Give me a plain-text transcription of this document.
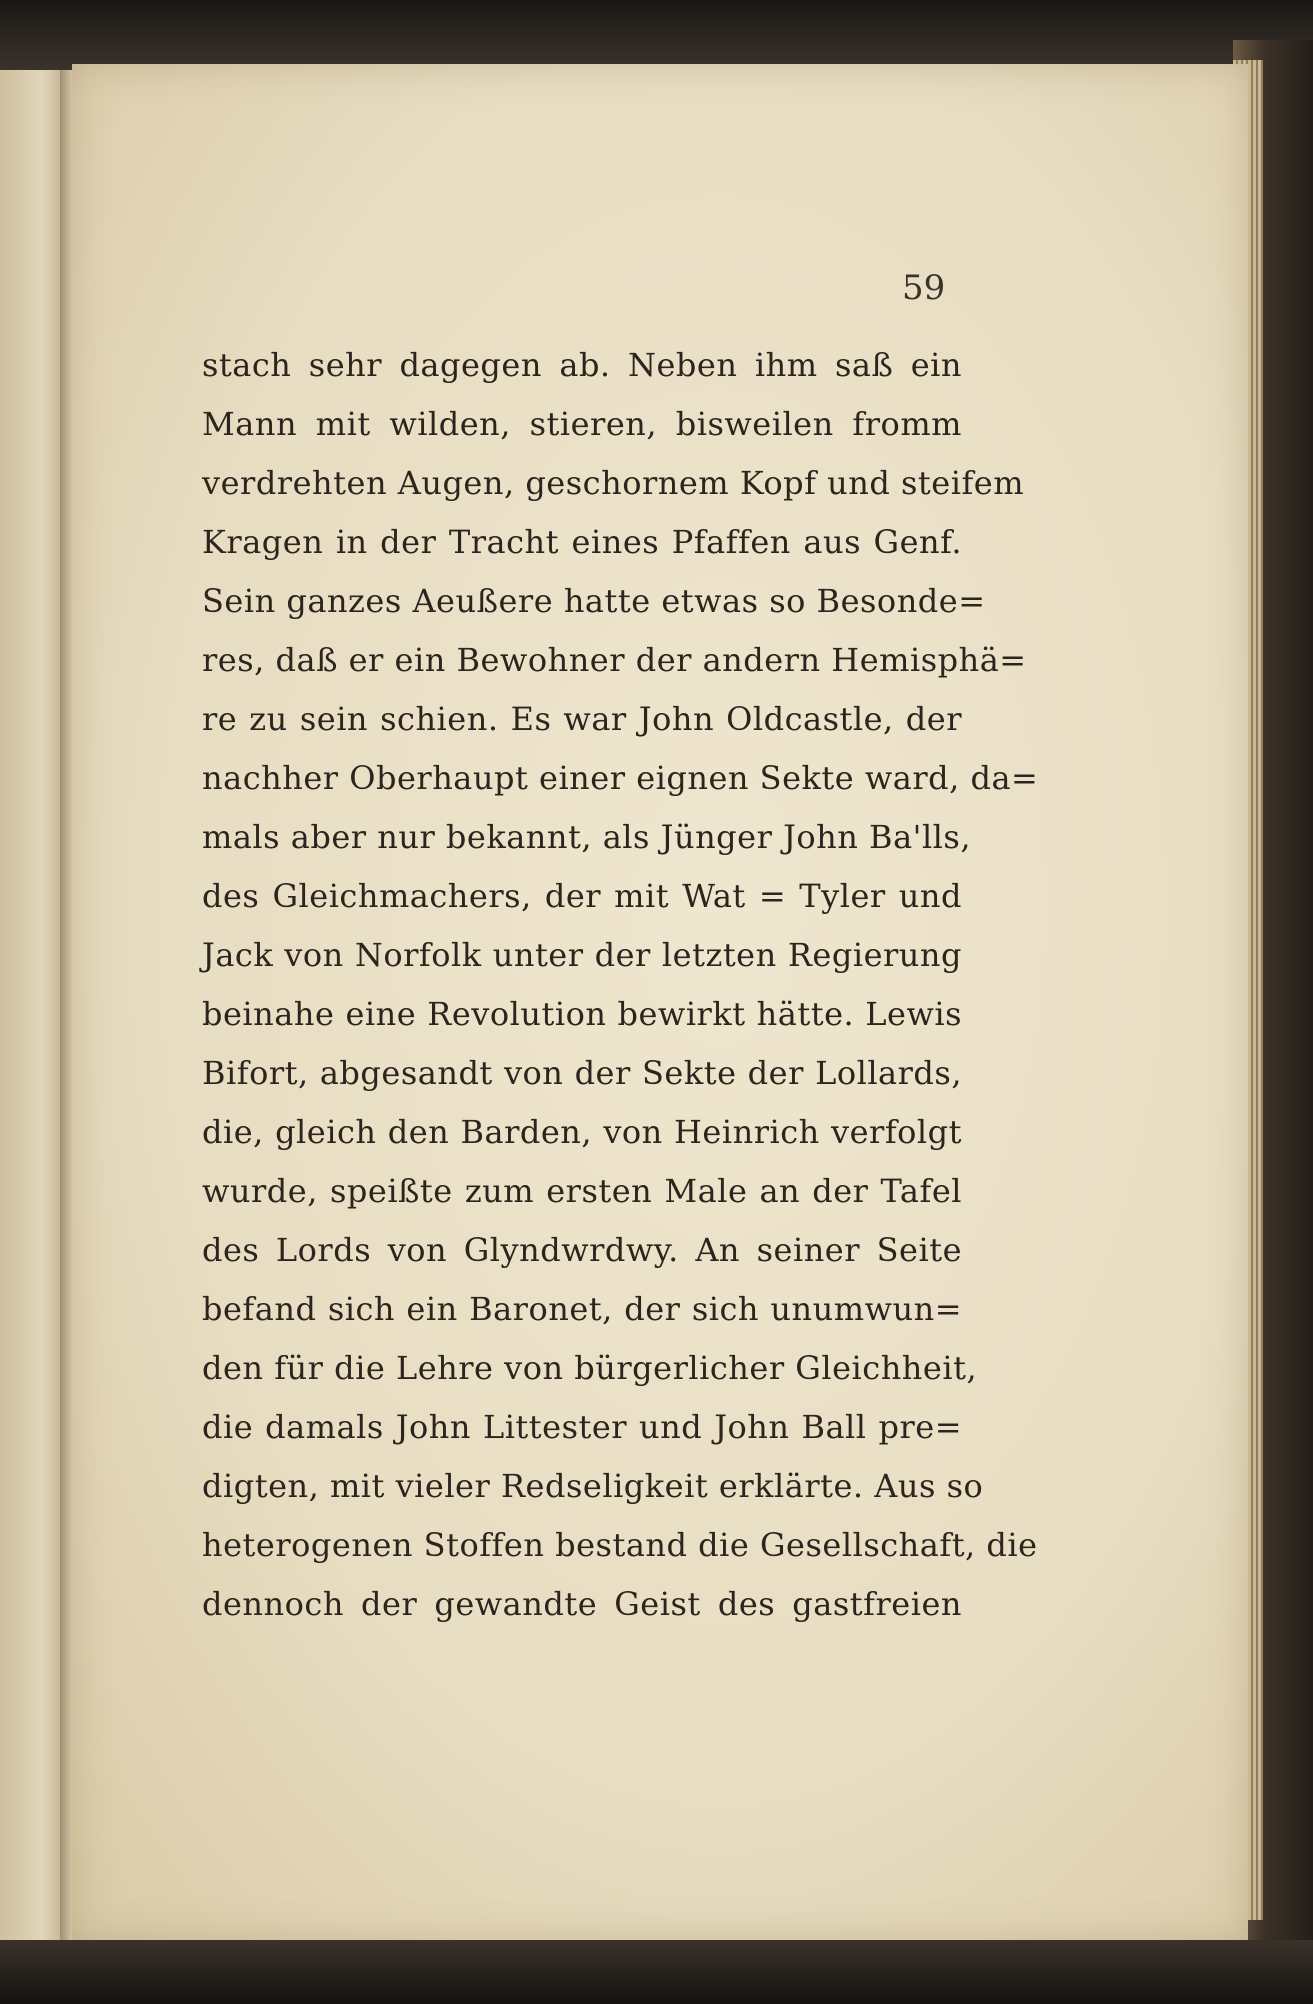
59
stach sehr dagegen ab. Neben ihm saß ein
Mann mit wilden, stieren, bisweilen fromm
verdrehten Augen, geschornem Kopf und steifem
Kragen in der Tracht eines Pfaffen aus Genf.
Sein ganzes Aeußere hatte etwas so Besonde=
res, daß er ein Bewohner der andern Hemisphä=
re zu sein schien. Es war John Oldcastle, der
nachher Oberhaupt einer eignen Sekte ward, da=
mals aber nur bekannt, als Jünger John Ba'lls,
des Gleichmachers, der mit Wat = Tyler und
Jack von Norfolk unter der letzten Regierung
beinahe eine Revolution bewirkt hätte. Lewis
Bifort, abgesandt von der Sekte der Lollards,
die, gleich den Barden, von Heinrich verfolgt
wurde, speißte zum ersten Male an der Tafel
des Lords von Glyndwrdwy. An seiner Seite
befand sich ein Baronet, der sich unumwun=
den für die Lehre von bürgerlicher Gleichheit,
die damals John Littester und John Ball pre=
digten, mit vieler Redseligkeit erklärte. Aus so
heterogenen Stoffen bestand die Gesellschaft, die
dennoch der gewandte Geist des gastfreien
